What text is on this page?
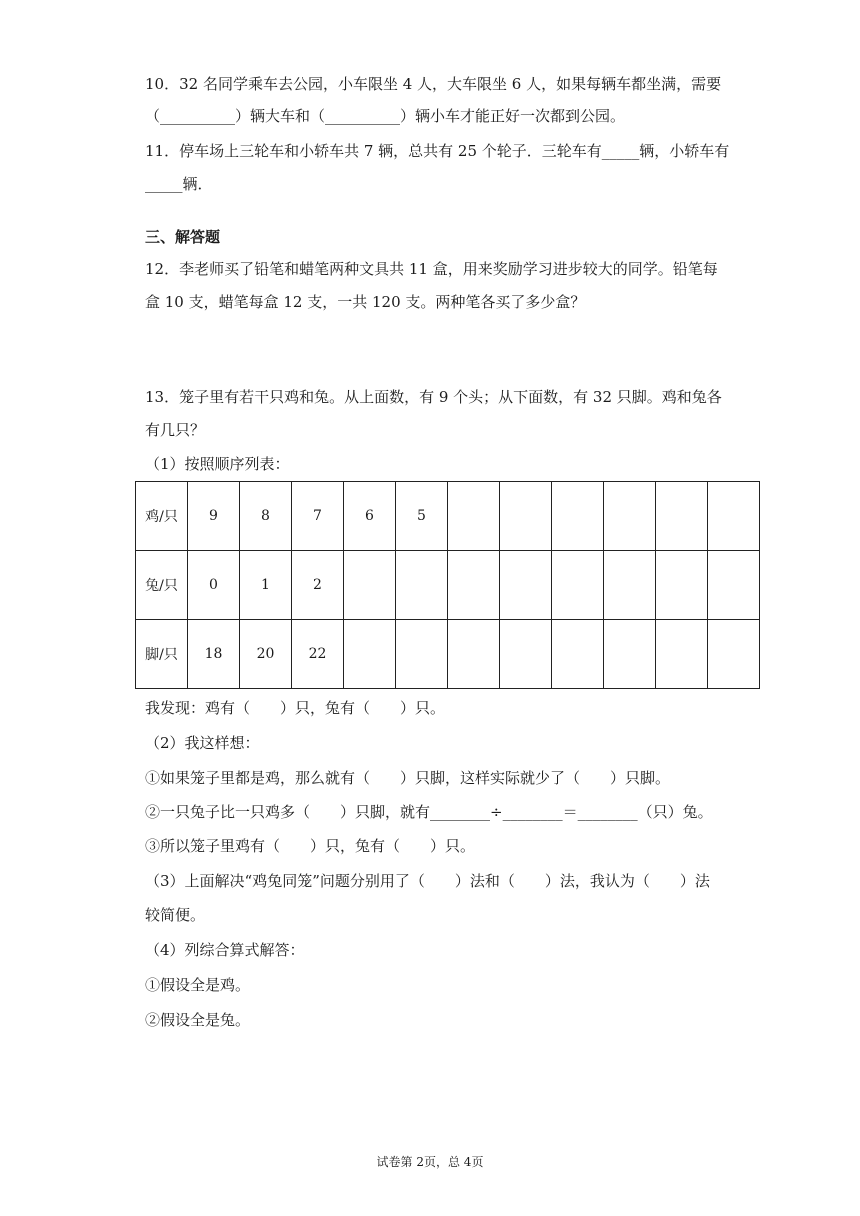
10．32 名同学乘车去公园，小车限坐 4 人，大车限坐 6 人，如果每辆车都坐满，需要
（__________）辆大车和（__________）辆小车才能正好一次都到公园。
11．停车场上三轮车和小轿车共 7 辆，总共有 25 个轮子．三轮车有_____辆，小轿车有
_____辆．
三、解答题
12．李老师买了铅笔和蜡笔两种文具共 11 盒，用来奖励学习进步较大的同学。铅笔每
盒 10 支，蜡笔每盒 12 支，一共 120 支。两种笔各买了多少盒？
13．笼子里有若干只鸡和兔。从上面数，有 9 个头；从下面数，有 32 只脚。鸡和兔各
有几只？
（1）按照顺序列表：
鸡/只	9	8	7	6	5						
兔/只	0	1	2								
脚/只	18	20	22								
我发现：鸡有（　　）只，兔有（　　）只。
（2）我这样想：
①如果笼子里都是鸡，那么就有（　　）只脚，这样实际就少了（　　）只脚。
②一只兔子比一只鸡多（　　）只脚，就有________÷________＝________（只）兔。
③所以笼子里鸡有（　　）只，兔有（　　）只。
（3）上面解决“鸡兔同笼”问题分别用了（　　）法和（　　）法，我认为（　　）法
较简便。
（4）列综合算式解答：
①假设全是鸡。
②假设全是兔。
试卷第 2页，总 4页
